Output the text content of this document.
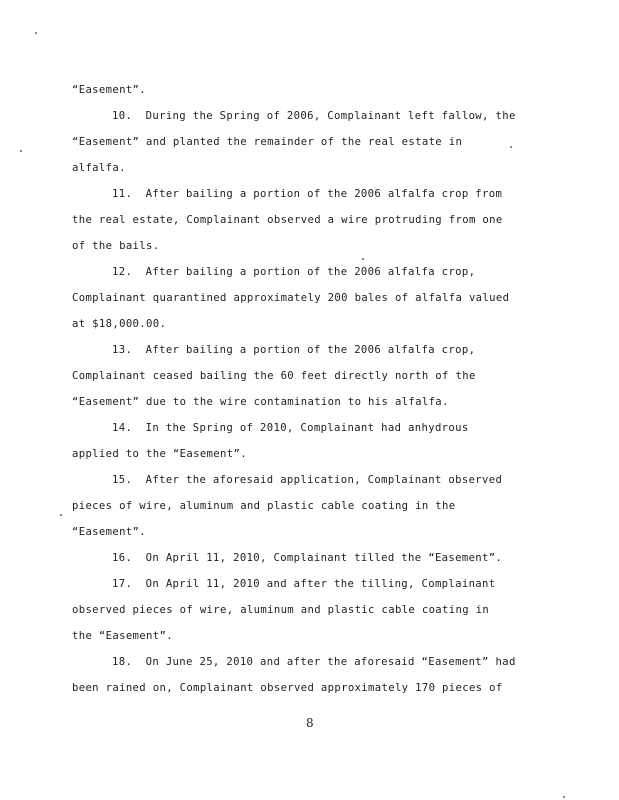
“Easement”.
10.  During the Spring of 2006, Complainant left fallow, the
“Easement” and planted the remainder of the real estate in
alfalfa.
11.  After bailing a portion of the 2006 alfalfa crop from
the real estate, Complainant observed a wire protruding from one
of the bails.
12.  After bailing a portion of the 2006 alfalfa crop,
Complainant quarantined approximately 200 bales of alfalfa valued
at $18,000.00.
13.  After bailing a portion of the 2006 alfalfa crop,
Complainant ceased bailing the 60 feet directly north of the
“Easement” due to the wire contamination to his alfalfa.
14.  In the Spring of 2010, Complainant had anhydrous
applied to the “Easement”.
15.  After the aforesaid application, Complainant observed
pieces of wire, aluminum and plastic cable coating in the
“Easement”.
16.  On April 11, 2010, Complainant tilled the “Easement”.
17.  On April 11, 2010 and after the tilling, Complainant
observed pieces of wire, aluminum and plastic cable coating in
the “Easement”.
18.  On June 25, 2010 and after the aforesaid “Easement” had
been rained on, Complainant observed approximately 170 pieces of
8
